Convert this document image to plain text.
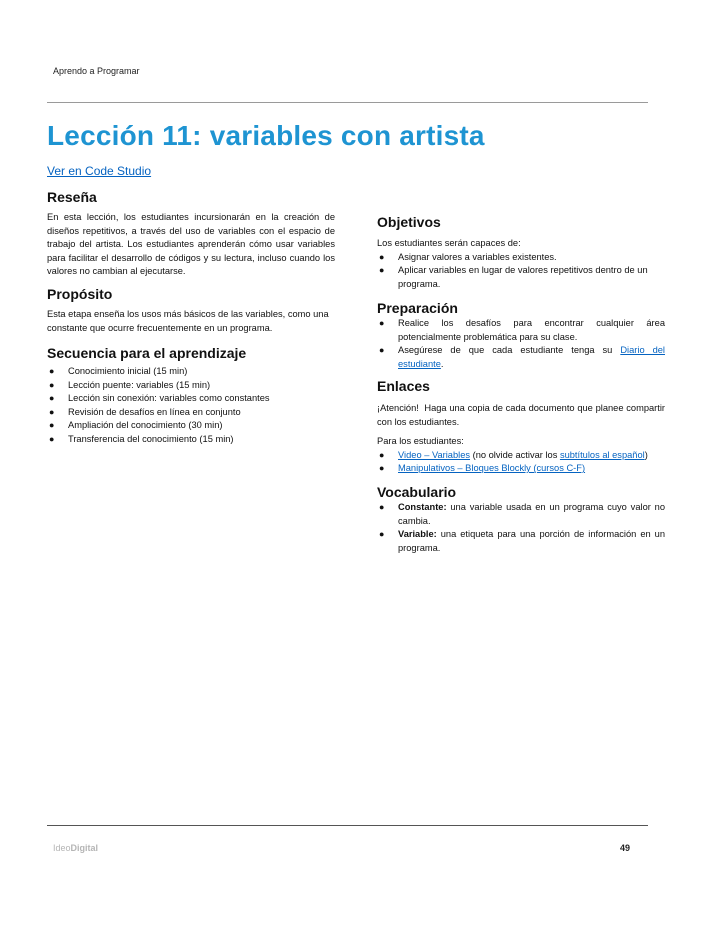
Aprendo a Programar
Lección 11: variables con artista
Ver en Code Studio
Reseña

En esta lección, los estudiantes incursionarán en la creación de diseños repetitivos, a través del uso de variables con el espacio de trabajo del artista. Los estudiantes aprenderán cómo usar variables para facilitar el desarrollo de códigos y su lectura, incluso cuando los valores no cambian al ejecutarse.

Propósito

Esta etapa enseña los usos más básicos de las variables, como una constante que ocurre frecuentemente en un programa.

Secuencia para el aprendizaje
● Conocimiento inicial (15 min)
● Lección puente: variables (15 min)
● Lección sin conexión: variables como constantes
● Revisión de desafíos en línea en conjunto
● Ampliación del conocimiento (30 min)
● Transferencia del conocimiento (15 min)
Objetivos

Los estudiantes serán capaces de:

● Asignar valores a variables existentes.
● Aplicar variables en lugar de valores repetitivos dentro de un programa.
Preparación
● Realice los desafíos para encontrar cualquier área potencialmente problemática para su clase.
● Asegúrese de que cada estudiante tenga su Diario del estudiante.
Enlaces

¡Atención!  Haga una copia de cada documento que planee compartir con los estudiantes.

Para los estudiantes:

● Video – Variables (no olvide activar los subtítulos al español)
● Manipulativos – Bloques Blockly (cursos C-F)
Vocabulario
● Constante: una variable usada en un programa cuyo valor no cambia.
● Variable: una etiqueta para una porción de información en un programa.
IdeoDigital	49
